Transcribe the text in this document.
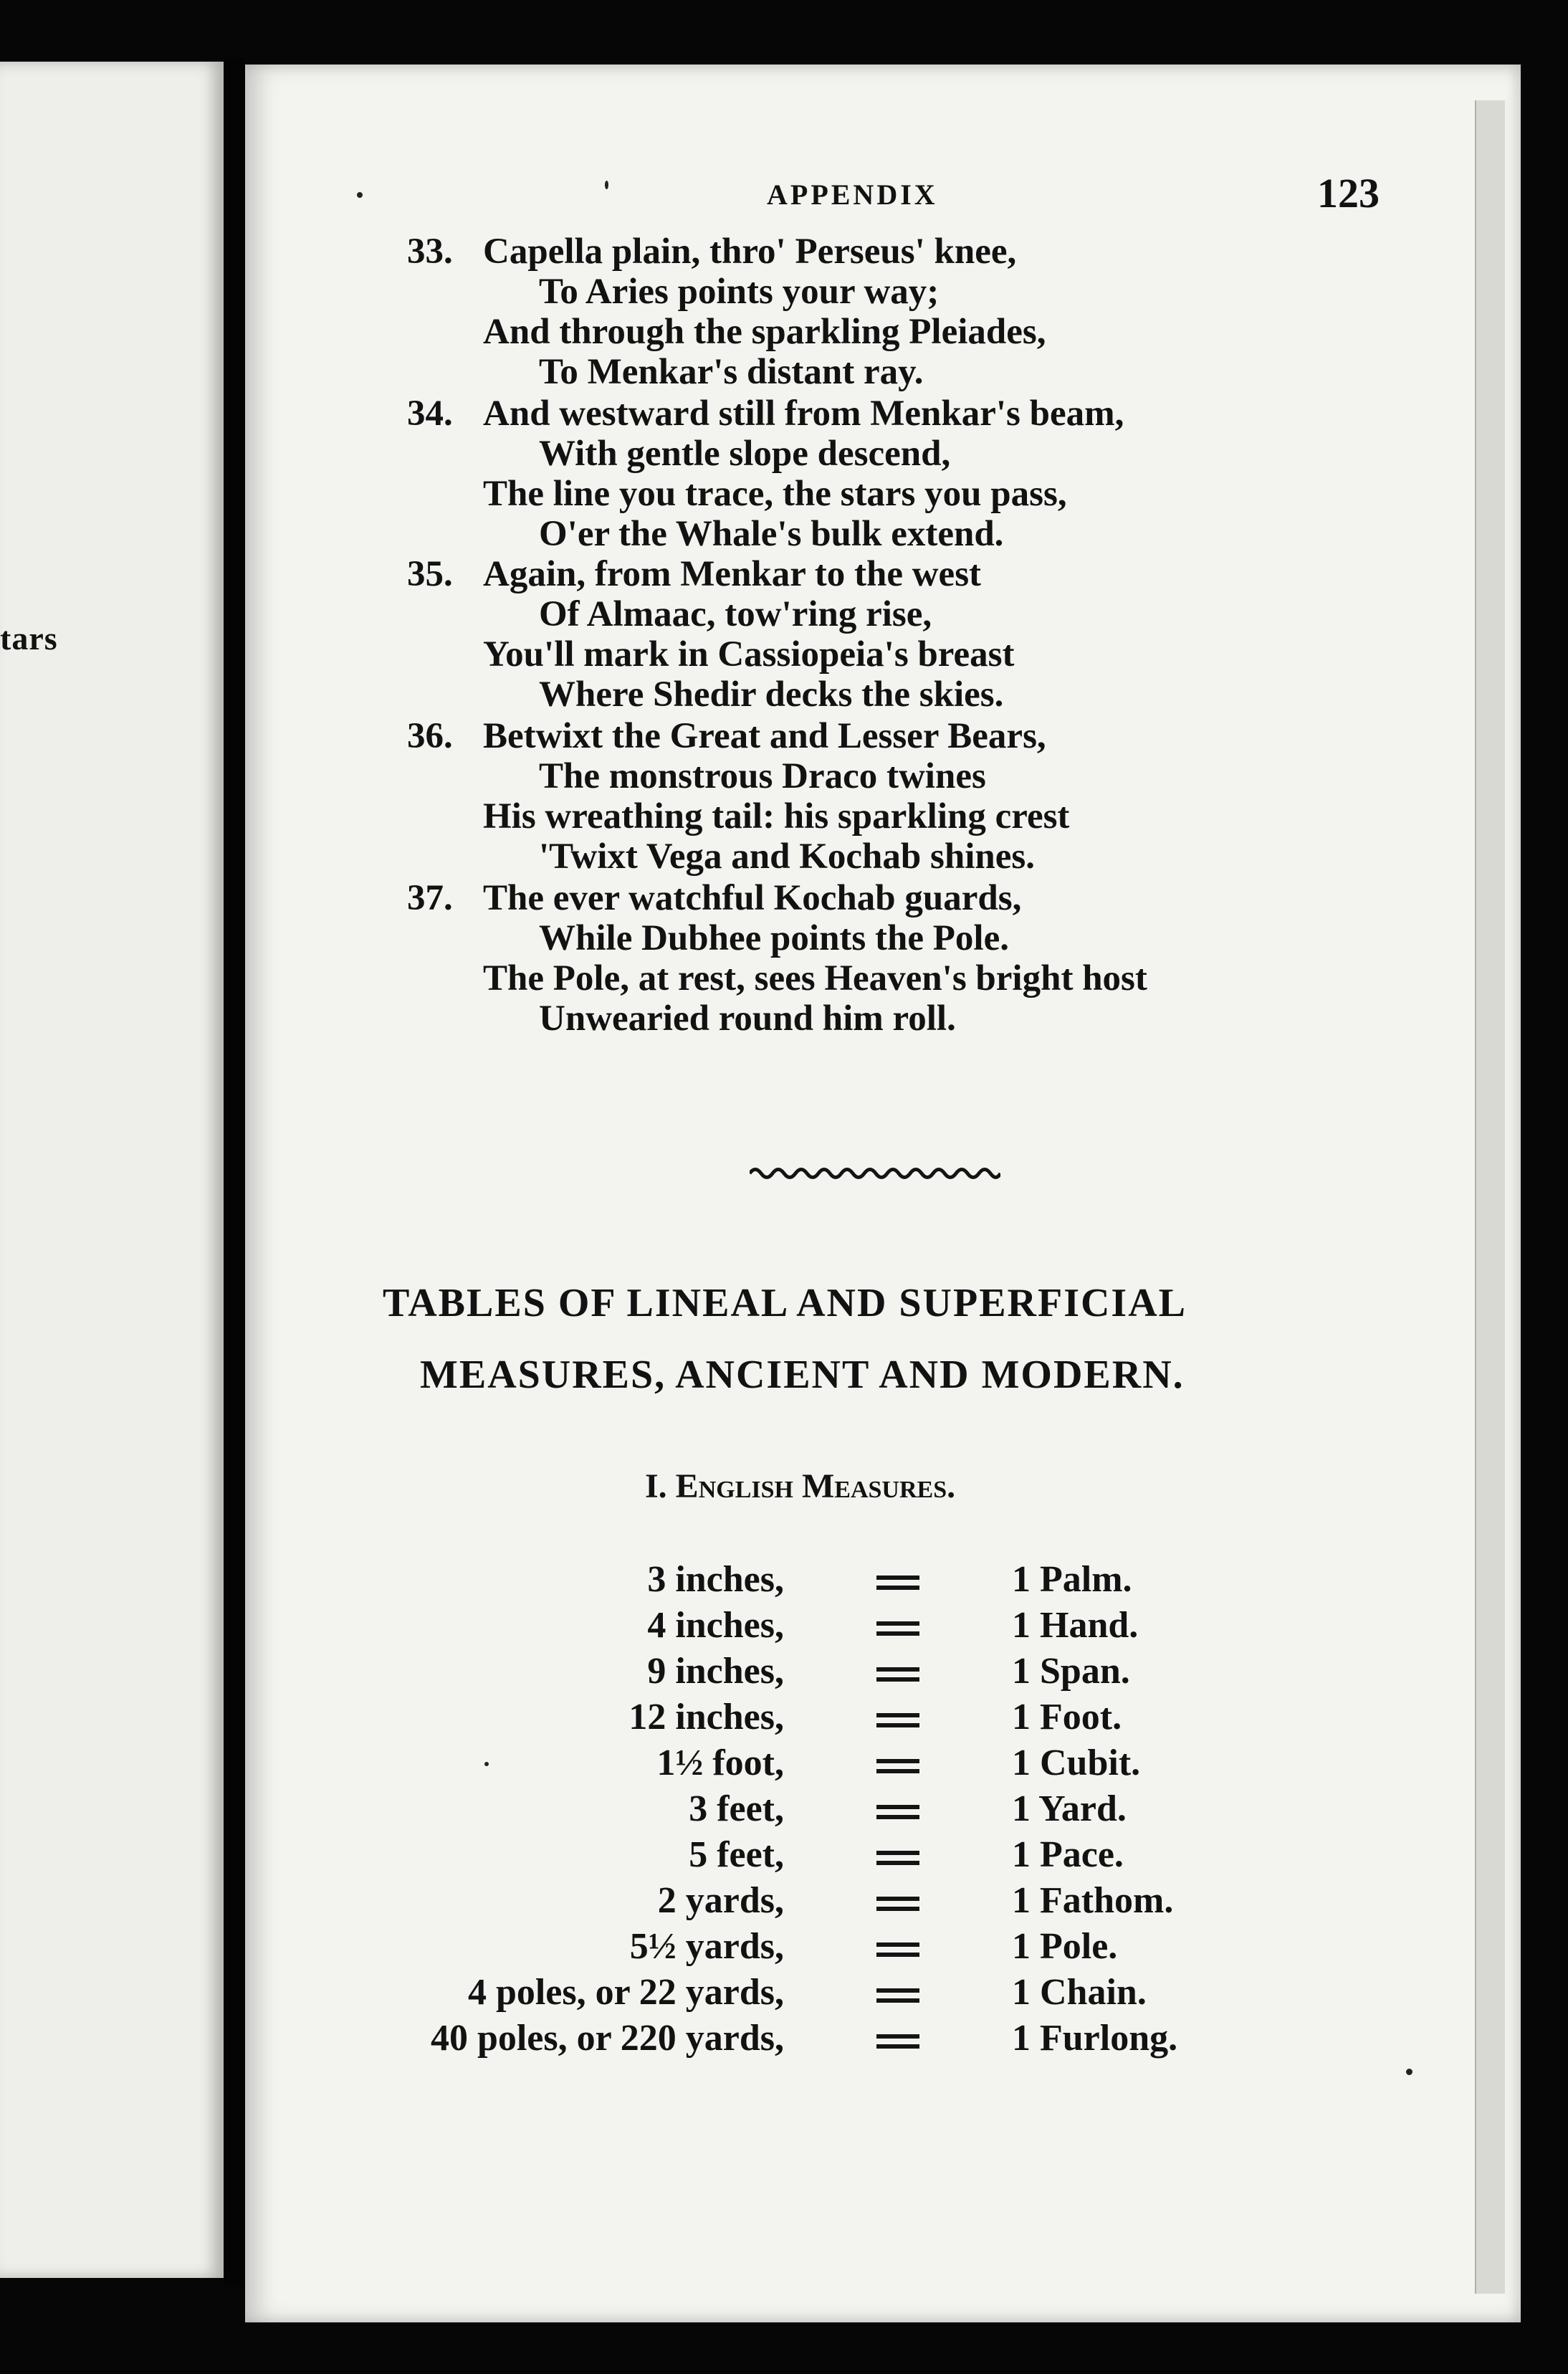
tars
APPENDIX	123
33. Capella plain, thro' Perseus' knee,
To Aries points your way;
And through the sparkling Pleiades,
To Menkar's distant ray.
34. And westward still from Menkar's beam,
With gentle slope descend,
The line you trace, the stars you pass,
O'er the Whale's bulk extend.
35. Again, from Menkar to the west
Of Almaac, tow'ring rise,
You'll mark in Cassiopeia's breast
Where Shedir decks the skies.
36. Betwixt the Great and Lesser Bears,
The monstrous Draco twines
His wreathing tail: his sparkling crest
'Twixt Vega and Kochab shines.
37. The ever watchful Kochab guards,
While Dubhee points the Pole.
The Pole, at rest, sees Heaven's bright host
Unwearied round him roll.
TABLES OF LINEAL AND SUPERFICIAL
MEASURES, ANCIENT AND MODERN.
I. English Measures.
3 inches,	1 Palm.
4 inches,	1 Hand.
9 inches,	1 Span.
12 inches,	1 Foot.
1½ foot,	1 Cubit.
3 feet,	1 Yard.
5 feet,	1 Pace.
2 yards,	1 Fathom.
5½ yards,	1 Pole.
4 poles, or 22 yards,	1 Chain.
40 poles, or 220 yards,	1 Furlong.
